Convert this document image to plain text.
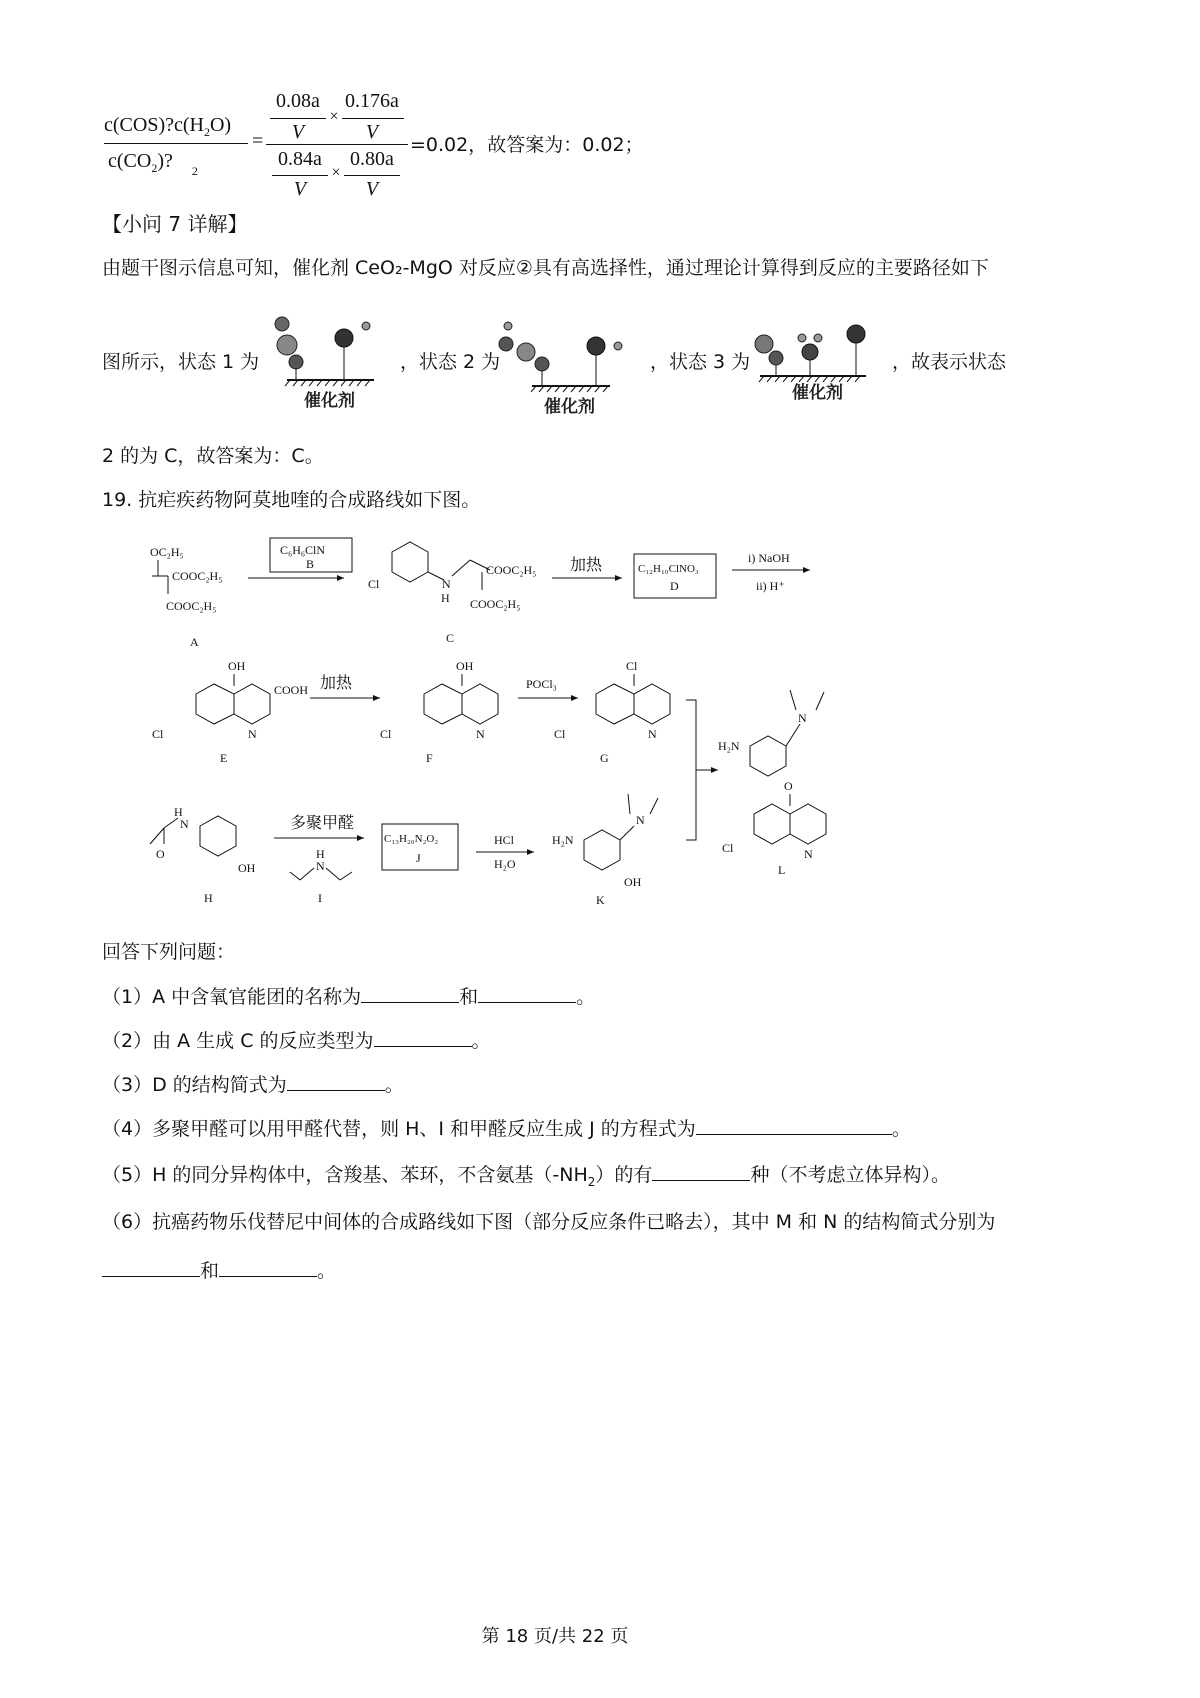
$c(COS)?c(H_2O)$
$c(CO_2)$? $_2$
=
0.08a
V
×
0.176a
V
0.84a
V
×
0.80a
V
=0.02，故答案为：0.02；
【小问 7 详解】
由题干图示信息可知，催化剂 CeO₂-MgO 对反应②具有高选择性，通过理论计算得到反应的主要路径如下
图所示，状态 1 为	，状态 2 为	，状态 3 为	，故表示状态
催化剂	催化剂
催化剂
2 的为 C，故答案为：C。
19. 抗疟疾药物阿莫地喹的合成路线如下图。
OC₂H₅
COOC₂H₅
COOC₂H₅
A
C₆H₆ClN
B
Cl	N
H
COOC₂H₅
COOC₂H₅
C
加热	C₁₂H₁₀ClNO₃
D
i) NaOH
ii) H⁺
OH
COOH
N
Cl
E
加热
OH
N
Cl
F
POCl₃
Cl
N
Cl
G
O
H
N
OH
H
多聚甲醛
H
N
I
C₁₃H₂₀N₂O₂
J
HCl
H₂O
H₂N
N
OH
K
H₂N
N
O
N
Cl
L
回答下列问题：
（1）A 中含氧官能团的名称为	和	。
（2）由 A 生成 C 的反应类型为	。
（3）D 的结构简式为	。
（4）多聚甲醛可以用甲醛代替，则 H、I 和甲醛反应生成 J 的方程式为	。
（5）H 的同分异构体中，含羧基、苯环，不含氨基$(-NH_2)$的有	种（不考虑立体异构）。
（6）抗癌药物乐伐替尼中间体的合成路线如下图（部分反应条件已略去），其中 M 和 N 的结构简式分别为
和	。
第 18 页/共 22 页
